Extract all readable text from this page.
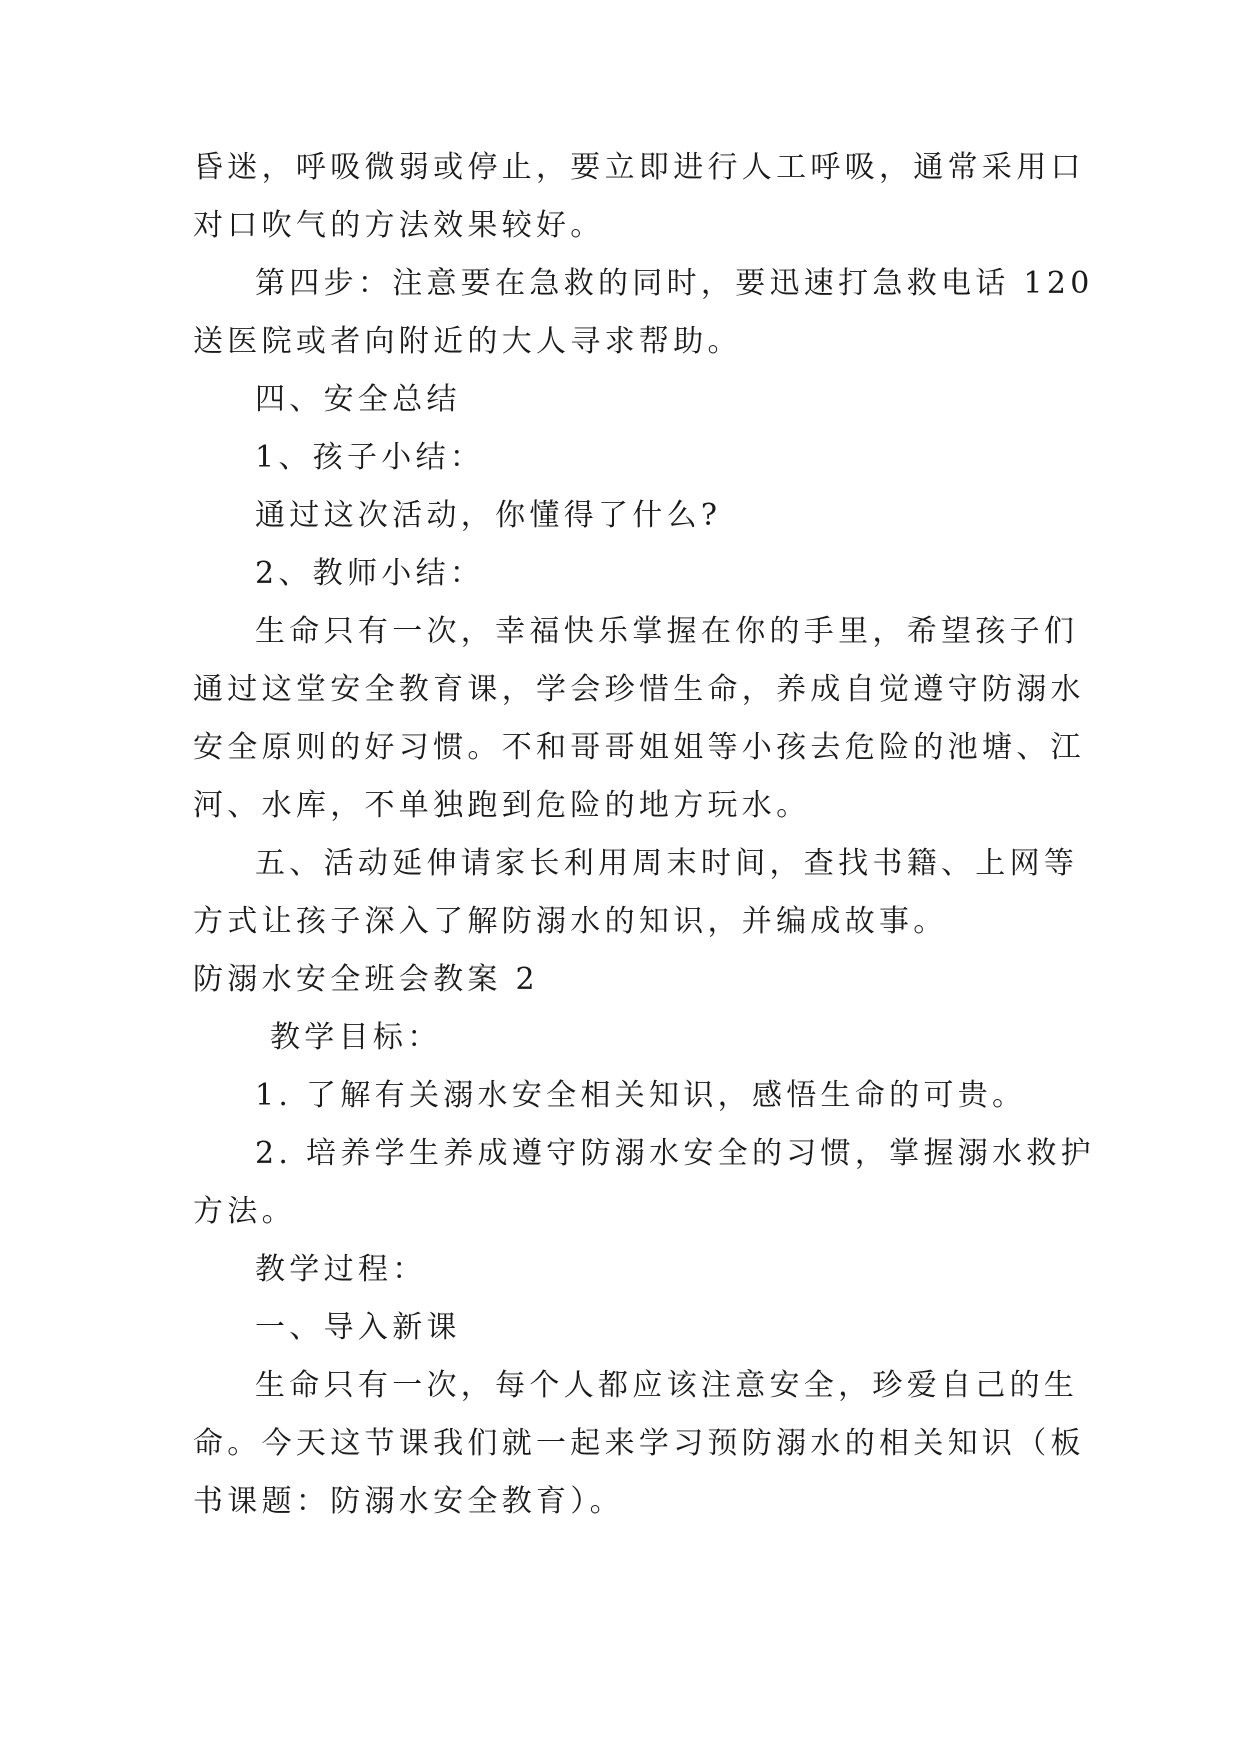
昏迷，呼吸微弱或停止，要立即进行人工呼吸，通常采用口
对口吹气的方法效果较好。
第四步：注意要在急救的同时，要迅速打急救电话 120
送医院或者向附近的大人寻求帮助。
四、安全总结
1、孩子小结：
通过这次活动，你懂得了什么?
2、教师小结：
生命只有一次，幸福快乐掌握在你的手里，希望孩子们
通过这堂安全教育课，学会珍惜生命，养成自觉遵守防溺水
安全原则的好习惯。不和哥哥姐姐等小孩去危险的池塘、江
河、水库，不单独跑到危险的地方玩水。
五、活动延伸请家长利用周末时间，查找书籍、上网等
方式让孩子深入了解防溺水的知识，并编成故事。
防溺水安全班会教案 2
教学目标：
1. 了解有关溺水安全相关知识，感悟生命的可贵。
2. 培养学生养成遵守防溺水安全的习惯，掌握溺水救护
方法。
教学过程：
一、导入新课
生命只有一次，每个人都应该注意安全，珍爱自己的生
命。今天这节课我们就一起来学习预防溺水的相关知识（板
书课题：防溺水安全教育）。
